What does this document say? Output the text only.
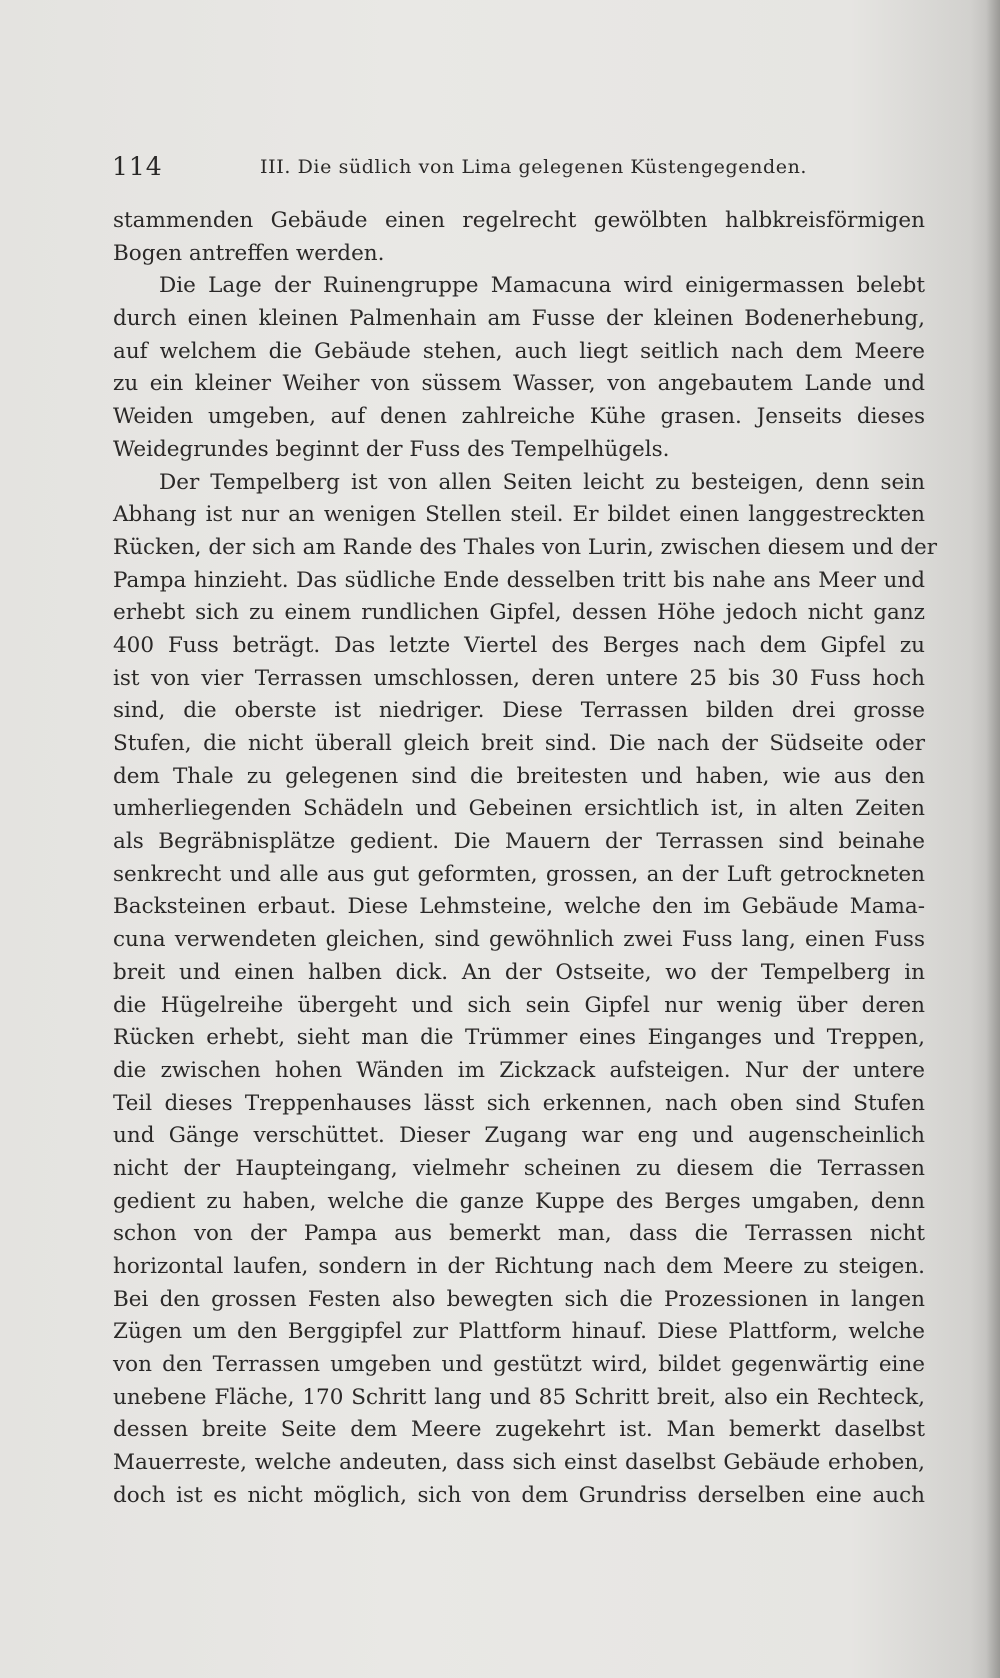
114	III. Die südlich von Lima gelegenen Küstengegenden.
stammenden Gebäude einen regelrecht gewölbten halbkreisförmigen
Bogen antreffen werden.
Die Lage der Ruinengruppe Mamacuna wird einigermassen belebt
durch einen kleinen Palmenhain am Fusse der kleinen Bodenerhebung,
auf welchem die Gebäude stehen, auch liegt seitlich nach dem Meere
zu ein kleiner Weiher von süssem Wasser, von angebautem Lande und
Weiden umgeben, auf denen zahlreiche Kühe grasen. Jenseits dieses
Weidegrundes beginnt der Fuss des Tempelhügels.
Der Tempelberg ist von allen Seiten leicht zu besteigen, denn sein
Abhang ist nur an wenigen Stellen steil. Er bildet einen langgestreckten
Rücken, der sich am Rande des Thales von Lurin, zwischen diesem und der
Pampa hinzieht. Das südliche Ende desselben tritt bis nahe ans Meer und
erhebt sich zu einem rundlichen Gipfel, dessen Höhe jedoch nicht ganz
400 Fuss beträgt. Das letzte Viertel des Berges nach dem Gipfel zu
ist von vier Terrassen umschlossen, deren untere 25 bis 30 Fuss hoch
sind, die oberste ist niedriger. Diese Terrassen bilden drei grosse
Stufen, die nicht überall gleich breit sind. Die nach der Südseite oder
dem Thale zu gelegenen sind die breitesten und haben, wie aus den
umherliegenden Schädeln und Gebeinen ersichtlich ist, in alten Zeiten
als Begräbnisplätze gedient. Die Mauern der Terrassen sind beinahe
senkrecht und alle aus gut geformten, grossen, an der Luft getrockneten
Backsteinen erbaut. Diese Lehmsteine, welche den im Gebäude Mama-
cuna verwendeten gleichen, sind gewöhnlich zwei Fuss lang, einen Fuss
breit und einen halben dick. An der Ostseite, wo der Tempelberg in
die Hügelreihe übergeht und sich sein Gipfel nur wenig über deren
Rücken erhebt, sieht man die Trümmer eines Einganges und Treppen,
die zwischen hohen Wänden im Zickzack aufsteigen. Nur der untere
Teil dieses Treppenhauses lässt sich erkennen, nach oben sind Stufen
und Gänge verschüttet. Dieser Zugang war eng und augenscheinlich
nicht der Haupteingang, vielmehr scheinen zu diesem die Terrassen
gedient zu haben, welche die ganze Kuppe des Berges umgaben, denn
schon von der Pampa aus bemerkt man, dass die Terrassen nicht
horizontal laufen, sondern in der Richtung nach dem Meere zu steigen.
Bei den grossen Festen also bewegten sich die Prozessionen in langen
Zügen um den Berggipfel zur Plattform hinauf. Diese Plattform, welche
von den Terrassen umgeben und gestützt wird, bildet gegenwärtig eine
unebene Fläche, 170 Schritt lang und 85 Schritt breit, also ein Rechteck,
dessen breite Seite dem Meere zugekehrt ist. Man bemerkt daselbst
Mauerreste, welche andeuten, dass sich einst daselbst Gebäude erhoben,
doch ist es nicht möglich, sich von dem Grundriss derselben eine auch
